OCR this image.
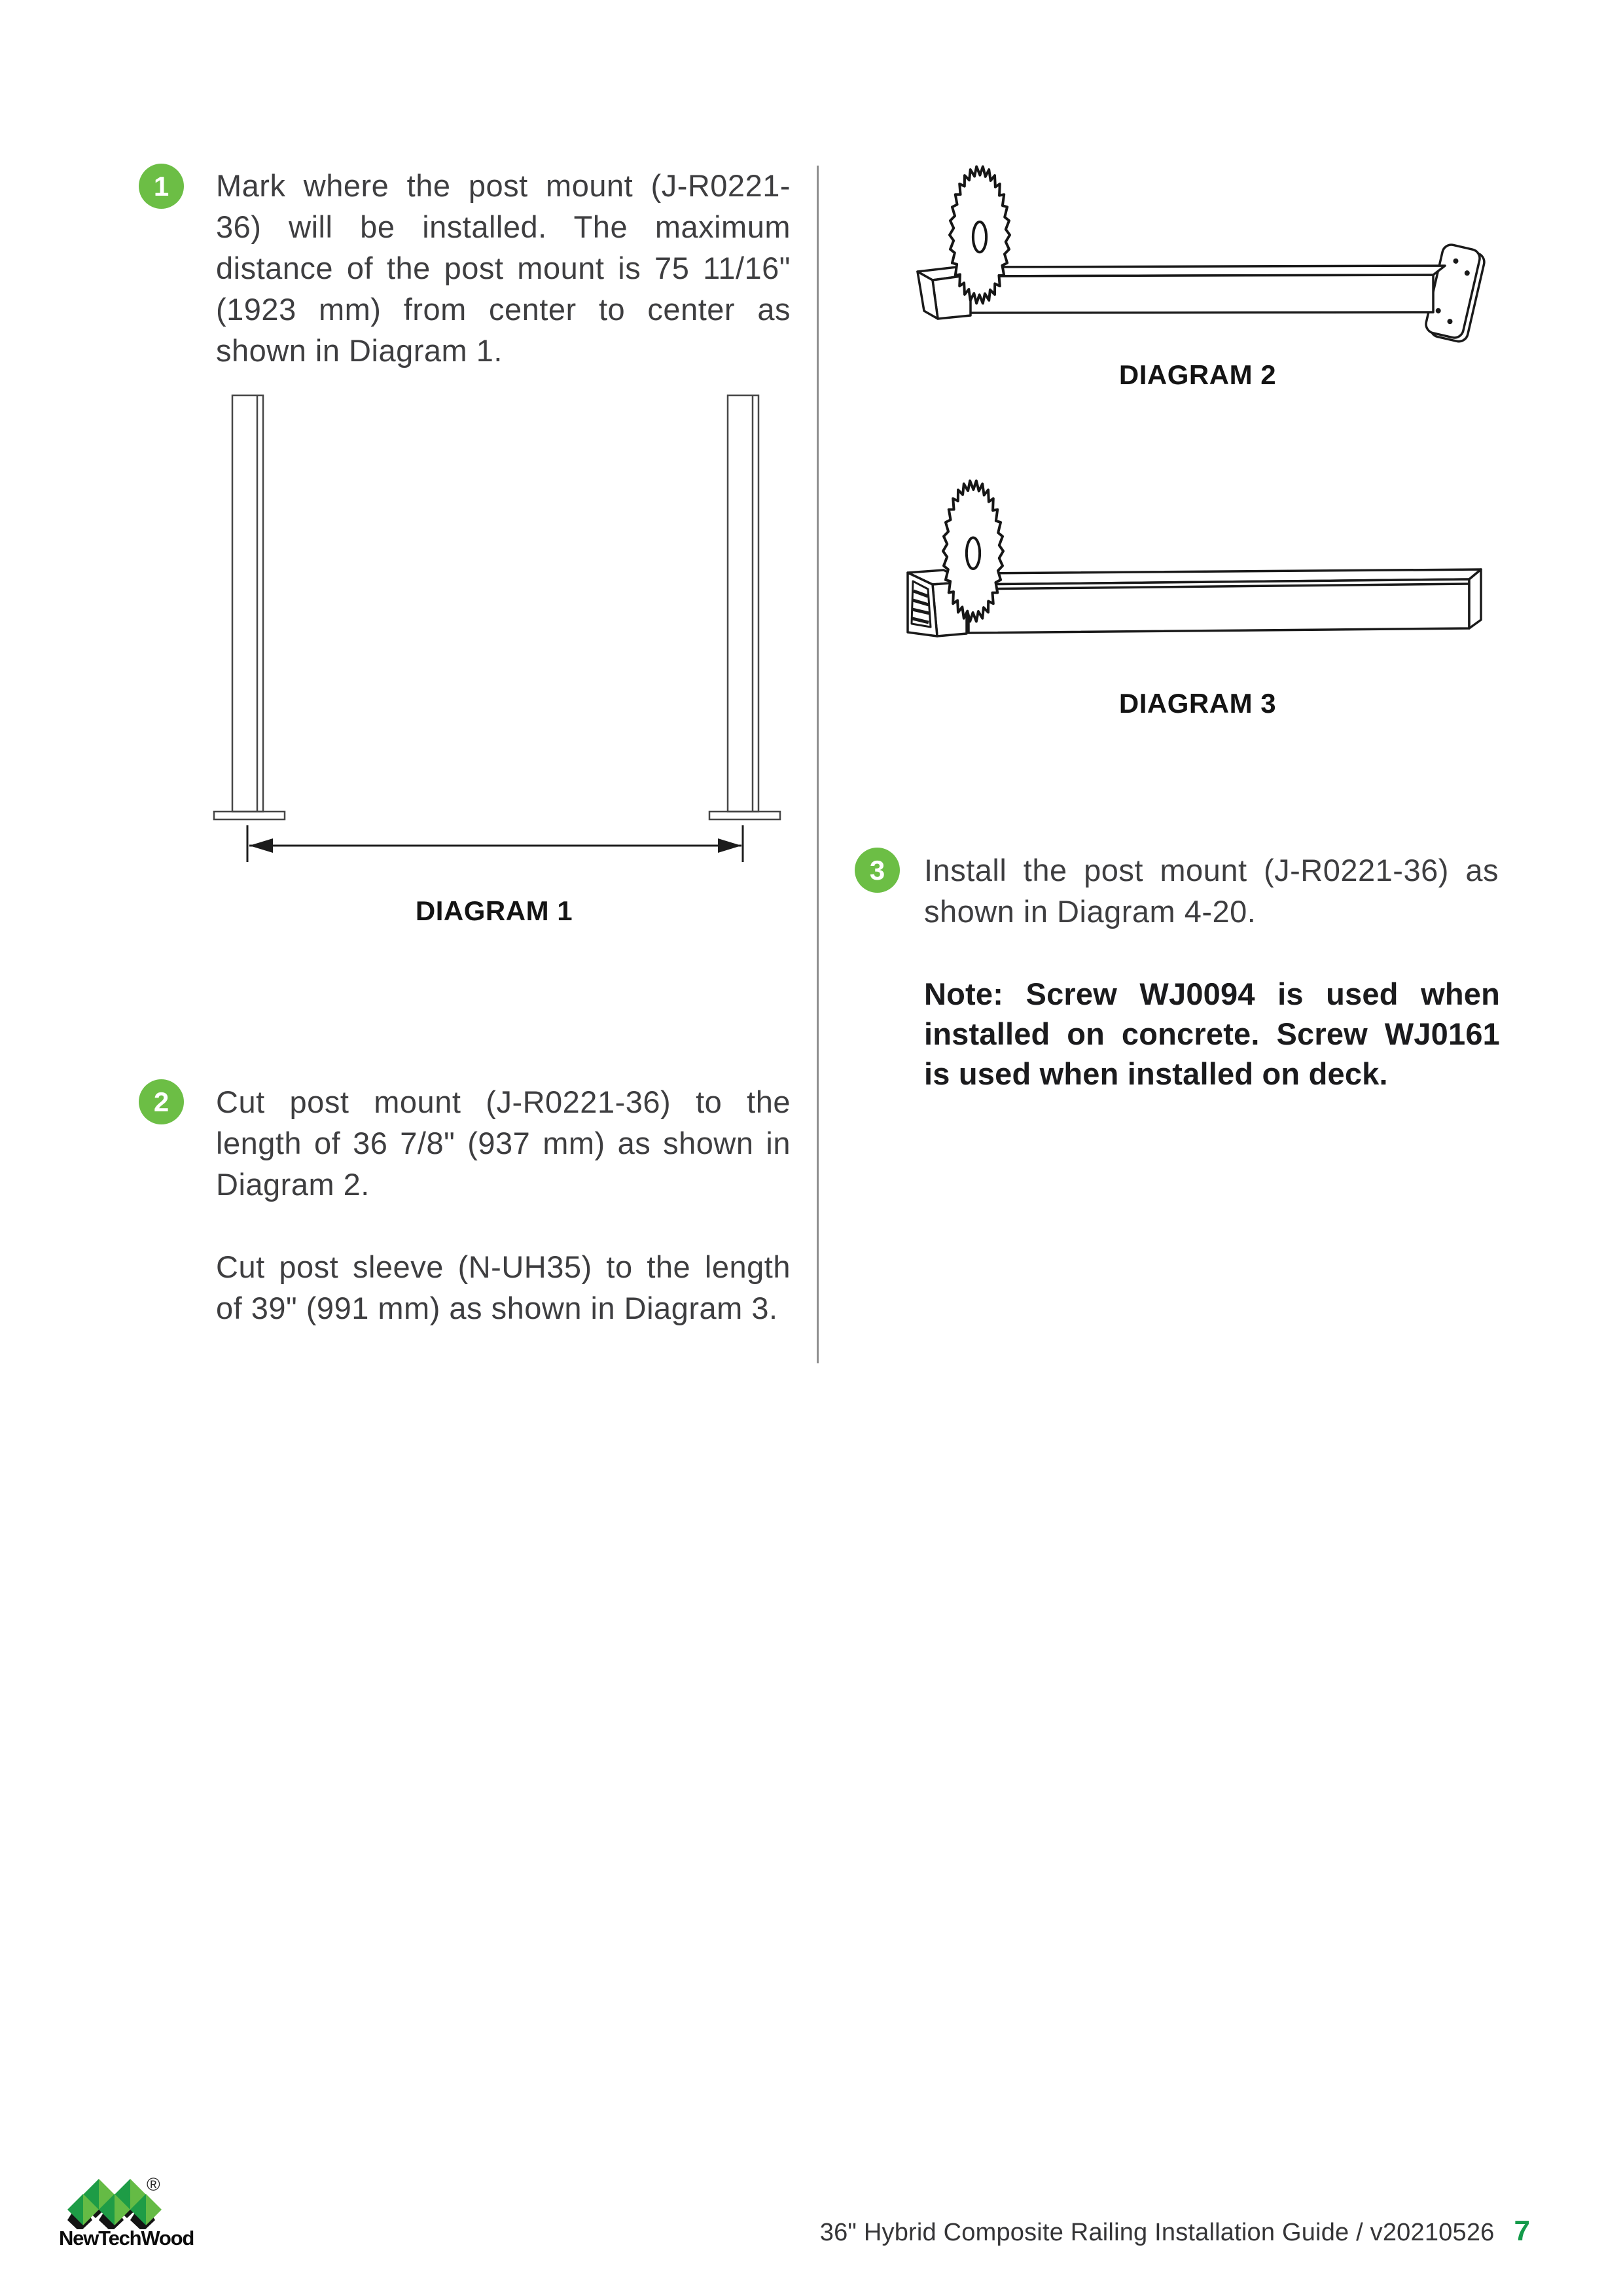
1 Mark where the post mount (J-R0221-36) will be installed. The maximum distance of the post mount is 75 11/16" (1923 mm) from center to center as shown in Diagram 1.

DIAGRAM 1
2 Cut post mount (J-R0221-36) to the length of 36 7/8" (937 mm) as shown in Diagram 2.

Cut post sleeve (N-UH35) to the length of 39" (991 mm) as shown in Diagram 3.

DIAGRAM 2
DIAGRAM 3
3 Install the post mount (J-R0221-36) as shown in Diagram 4-20.

Note: Screw WJ0094 is used when installed on concrete. Screw WJ0161 is used when installed on deck.
®
NewTechWood	36" Hybrid Composite Railing Installation Guide / v20210526 7
